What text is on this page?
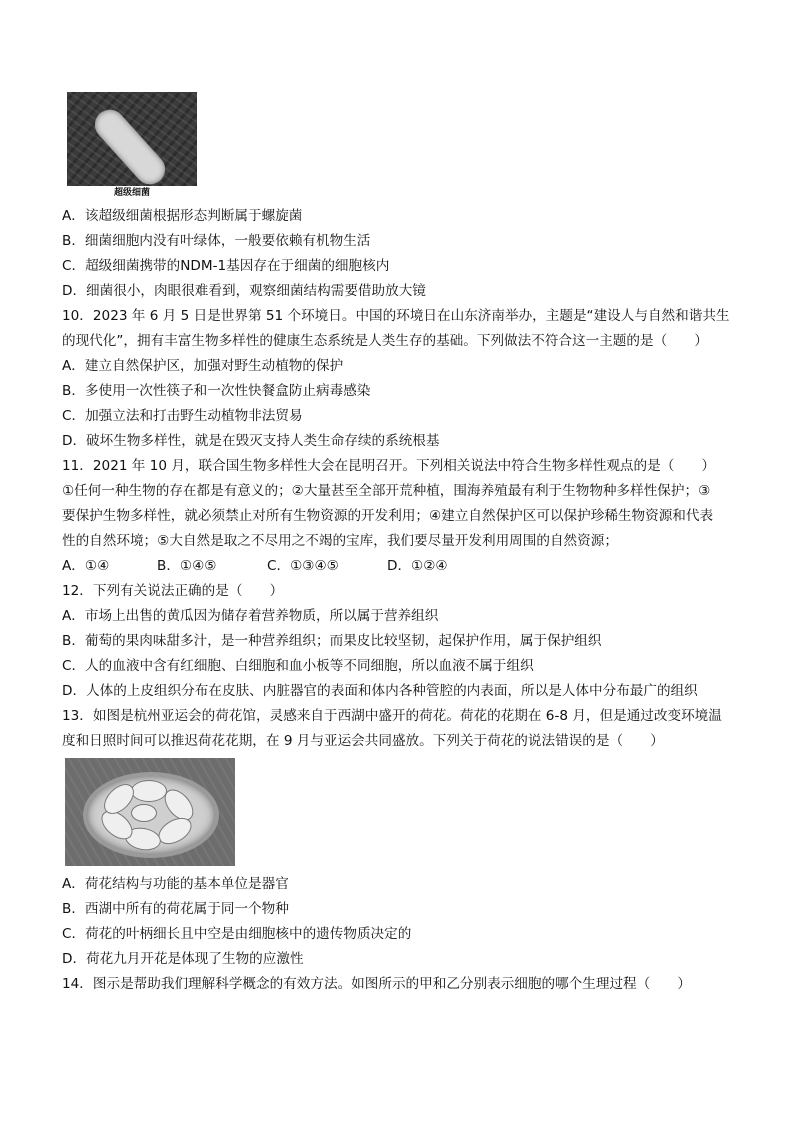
超级细菌
A．该超级细菌根据形态判断属于螺旋菌
B．细菌细胞内没有叶绿体，一般要依赖有机物生活
C．超级细菌携带的NDM-1基因存在于细菌的细胞核内
D．细菌很小，肉眼很难看到，观察细菌结构需要借助放大镜
10．2023 年 6 月 5 日是世界第 51 个环境日。中国的环境日在山东济南举办，主题是“建设人与自然和谐共生
的现代化”，拥有丰富生物多样性的健康生态系统是人类生存的基础。下列做法不符合这一主题的是（　　）
A．建立自然保护区，加强对野生动植物的保护
B．多使用一次性筷子和一次性快餐盒防止病毒感染
C．加强立法和打击野生动植物非法贸易
D．破坏生物多样性，就是在毁灭支持人类生命存续的系统根基
11．2021 年 10 月，联合国生物多样性大会在昆明召开。下列相关说法中符合生物多样性观点的是（　　）
①任何一种生物的存在都是有意义的；②大量甚至全部开荒种植，围海养殖最有利于生物物种多样性保护；③
要保护生物多样性，就必须禁止对所有生物资源的开发利用；④建立自然保护区可以保护珍稀生物资源和代表
性的自然环境；⑤大自然是取之不尽用之不竭的宝库，我们要尽量开发利用周围的自然资源；
A．①④	B．①④⑤	C．①③④⑤	D．①②④
12．下列有关说法正确的是（　　）
A．市场上出售的黄瓜因为储存着营养物质，所以属于营养组织
B．葡萄的果肉味甜多汁，是一种营养组织；而果皮比较坚韧，起保护作用，属于保护组织
C．人的血液中含有红细胞、白细胞和血小板等不同细胞，所以血液不属于组织
D．人体的上皮组织分布在皮肤、内脏器官的表面和体内各种管腔的内表面，所以是人体中分布最广的组织
13．如图是杭州亚运会的荷花馆，灵感来自于西湖中盛开的荷花。荷花的花期在 6-8 月，但是通过改变环境温
度和日照时间可以推迟荷花花期，在 9 月与亚运会共同盛放。下列关于荷花的说法错误的是（　　）
A．荷花结构与功能的基本单位是器官
B．西湖中所有的荷花属于同一个物种
C．荷花的叶柄细长且中空是由细胞核中的遗传物质决定的
D．荷花九月开花是体现了生物的应激性
14．图示是帮助我们理解科学概念的有效方法。如图所示的甲和乙分别表示细胞的哪个生理过程（　　）
